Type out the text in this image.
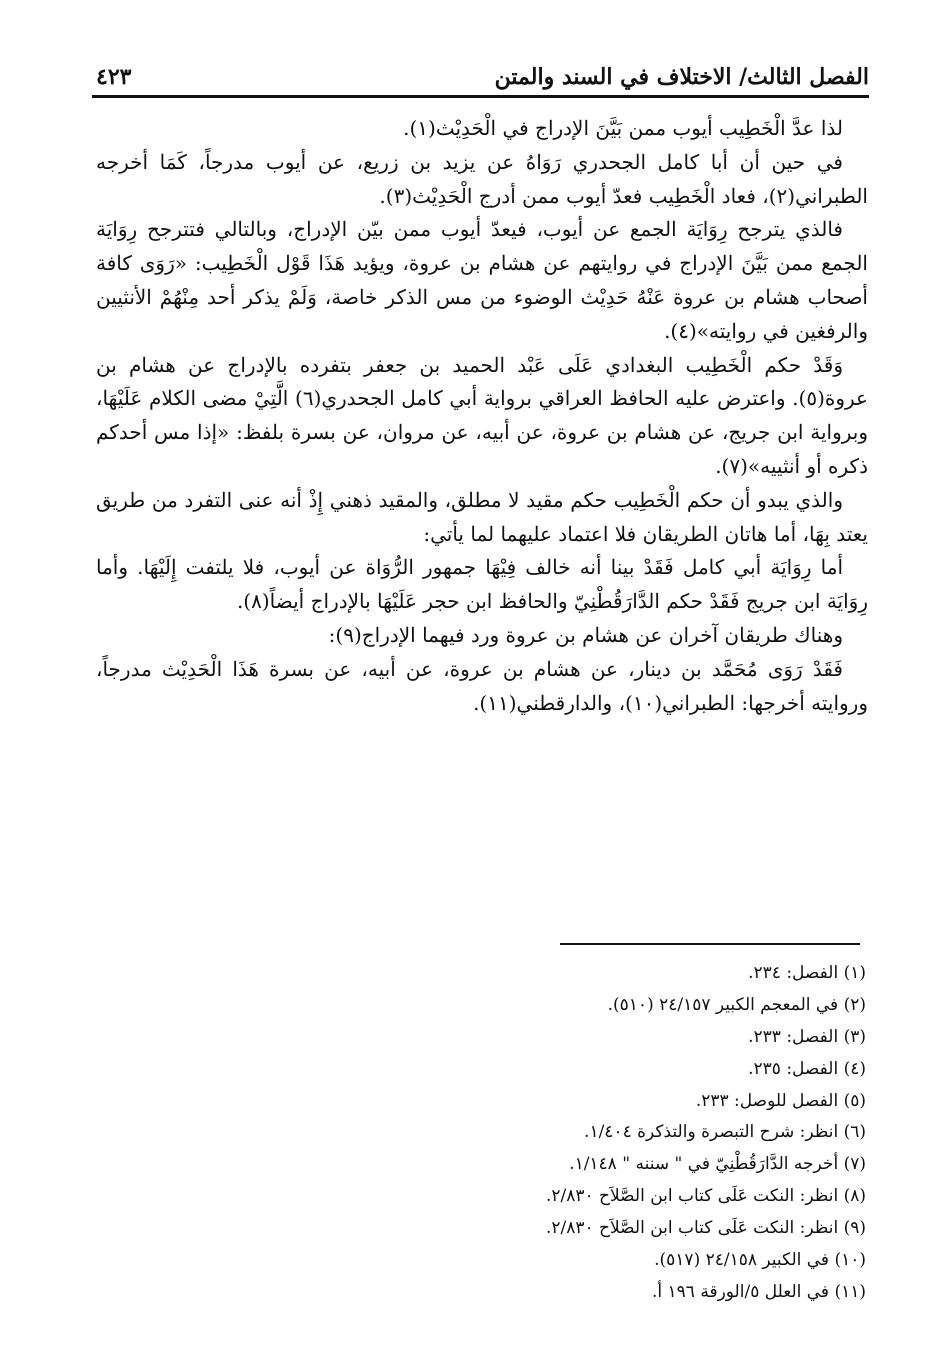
الفصل الثالث/ الاختلاف في السند والمتن
٤٢٣

لذا عدَّ الْخَطِيب أيوب ممن بَيَّنَ الإدراج في الْحَدِيْث(١).

في حين أن أبا كامل الجحدري رَوَاهُ عن يزيد بن زريع، عن أيوب مدرجاً، كَمَا أخرجه الطبراني(٢)، فعاد الْخَطِيب فعدّ أيوب ممن أدرج الْحَدِيْث(٣).

فالذي يترجح رِوَايَة الجمع عن أيوب، فيعدّ أيوب ممن بيّن الإدراج، وبالتالي فتترجح رِوَايَة الجمع ممن بَيَّنَ الإدراج في روايتهم عن هشام بن عروة، ويؤيد هَذَا قَوْل الْخَطِيب: «رَوَى كافة أصحاب هشام بن عروة عَنْهُ حَدِيْث الوضوء من مس الذكر خاصة، وَلَمْ يذكر أحد مِنْهُمْ الأنثيين والرفغين في روايته»(٤).

وَقَدْ حكم الْخَطِيب البغدادي عَلَى عَبْد الحميد بن جعفر بتفرده بالإدراج عن هشام بن عروة(٥). واعترض عليه الحافظ العراقي برواية أبي كامل الجحدري(٦) الَّتِيْ مضى الكلام عَلَيْهَا، وبرواية ابن جريج، عن هشام بن عروة، عن أبيه، عن مروان، عن بسرة بلفظ: «إذا مس أحدكم ذكره أو أنثييه»(٧).

والذي يبدو أن حكم الْخَطِيب حكم مقيد لا مطلق، والمقيد ذهني إِذْ أنه عنى التفرد من طريق يعتد بِهَا، أما هاتان الطريقان فلا اعتماد عليهما لما يأتي:

أما رِوَايَة أبي كامل فَقَدْ بينا أنه خالف فِيْهَا جمهور الرُّوَاة عن أيوب، فلا يلتفت إِلَيْهَا. وأما رِوَايَة ابن جريج فَقَدْ حكم الدَّارَقُطْنِيّ والحافظ ابن حجر عَلَيْهَا بالإدراج أيضاً(٨).

وهناك طريقان آخران عن هشام بن عروة ورد فيهما الإدراج(٩):

فَقَدْ رَوَى مُحَمَّد بن دينار، عن هشام بن عروة، عن أبيه، عن بسرة هَذَا الْحَدِيْث مدرجاً، وروايته أخرجها: الطبراني(١٠)، والدارقطني(١١).

(١) الفصل: ٢٣٤.
(٢) في المعجم الكبير ٢٤/١٥٧ (٥١٠).
(٣) الفصل: ٢٣٣.
(٤) الفصل: ٢٣٥.
(٥) الفصل للوصل: ٢٣٣.
(٦) انظر: شرح التبصرة والتذكرة ١/٤٠٤.
(٧) أخرجه الدَّارَقُطْنِيّ في " سننه " ١/١٤٨.
(٨) انظر: النكت عَلَى كتاب ابن الصَّلاَح ٢/٨٣٠.
(٩) انظر: النكت عَلَى كتاب ابن الصَّلاَح ٢/٨٣٠.
(١٠) في الكبير ٢٤/١٥٨ (٥١٧).
(١١) في العلل ٥/الورقة ١٩٦ أ.
